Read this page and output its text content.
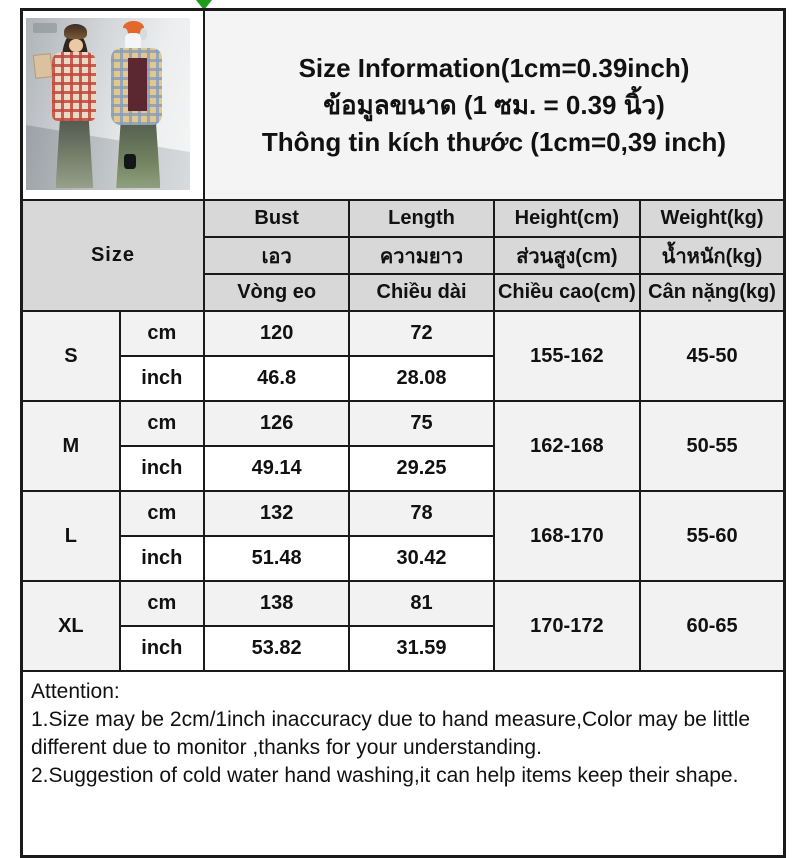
		Size Information(1cm=0.39inch)
ข้อมูลขนาด (1 ซม. = 0.39 นิ้ว)
Thông tin kích thước (1cm=0,39 inch)			

Size		Bust	Length	Height(cm)	Weight(kg)
		เอว	ความยาว	ส่วนสูง(cm)	น้ำหนัก(kg)
		Vòng eo	Chiều dài	Chiều cao(cm)	Cân nặng(kg)
S	cm	120	72	155-162	45-50
	inch	46.8	28.08		
M	cm	126	75	162-168	50-55
	inch	49.14	29.25		
L	cm	132	78	168-170	55-60
	inch	51.48	30.42		
XL	cm	138	81	170-172	60-65
	inch	53.82	31.59		

Attention:
1.Size may be 2cm/1inch inaccuracy due to hand measure,Color may be little different due to monitor ,thanks for your understanding.
2.Suggestion of cold water hand washing,it can help items keep their shape.					
